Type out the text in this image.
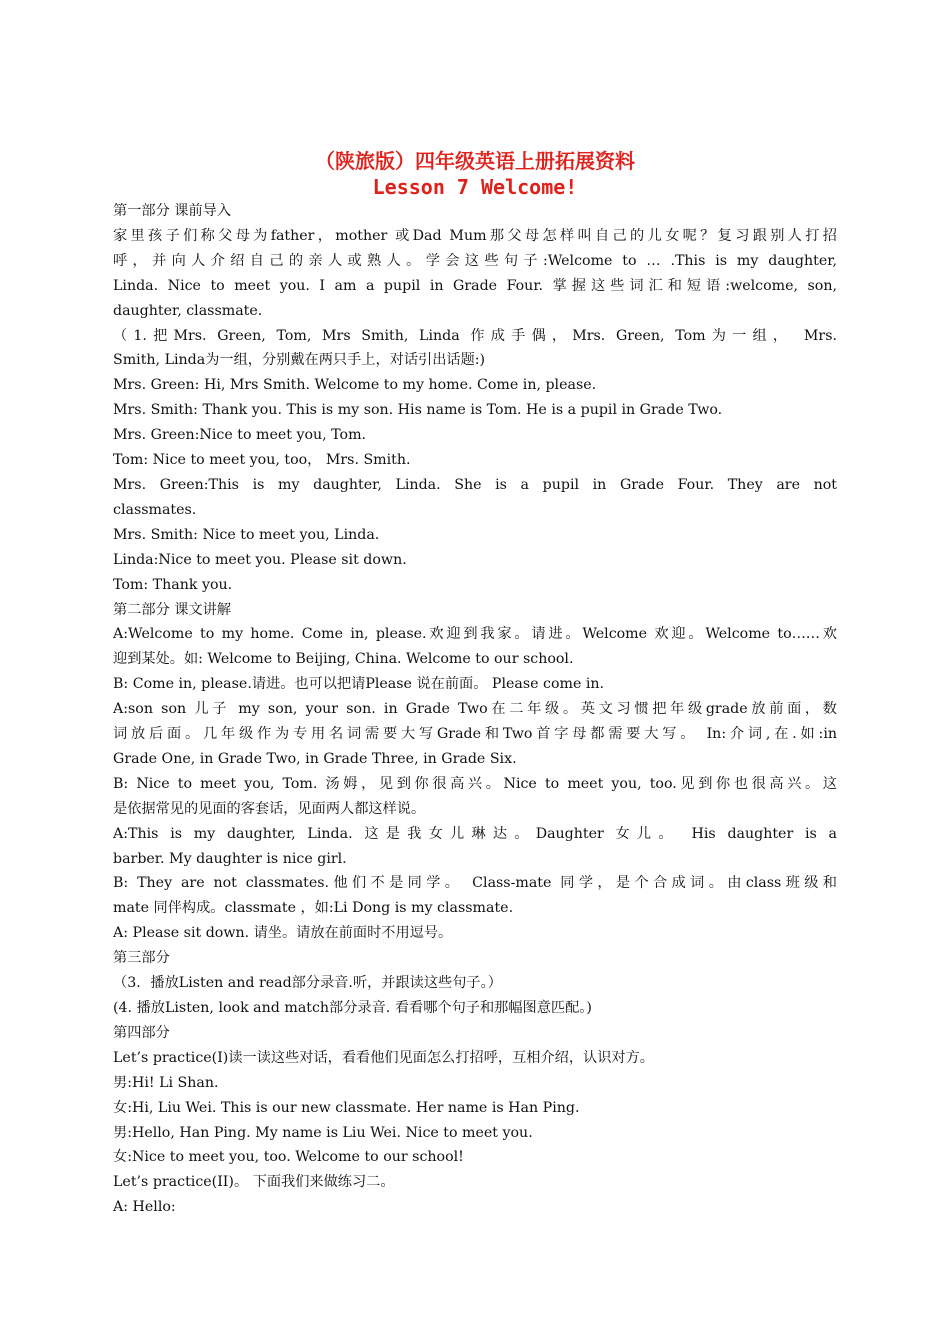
（陕旅版）四年级英语上册拓展资料
Lesson 7 Welcome!

第一部分 课前导入

家里孩子们称父母为father，mother 或Dad Mum那父母怎样叫自己的儿女呢？复习跟别人打招

呼，并向人介绍自己的亲人或熟人。学会这些句子:Welcome to … .This is my daughter,

Linda. Nice to meet you. I am a pupil in Grade Four. 掌握这些词汇和短语:welcome, son,

daughter, classmate.

（1.把Mrs. Green, Tom, Mrs Smith, Linda 作成手偶，Mrs. Green, Tom为一组， Mrs.

Smith, Linda为一组，分别戴在两只手上，对话引出话题:)

Mrs. Green: Hi, Mrs Smith. Welcome to my home. Come in, please.

Mrs. Smith: Thank you. This is my son. His name is Tom. He is a pupil in Grade Two.

Mrs. Green:Nice to meet you, Tom.

Tom: Nice to meet you, too， Mrs. Smith.

Mrs. Green:This is my daughter, Linda. She is a pupil in Grade Four. They are not

classmates.

Mrs. Smith: Nice to meet you, Linda.

Linda:Nice to meet you. Please sit down.

Tom: Thank you.

第二部分 课文讲解

A:Welcome to my home. Come in, please.欢迎到我家。请进。Welcome 欢迎。Welcome to……欢

迎到某处。如: Welcome to Beijing, China. Welcome to our school.

B: Come in, please.请进。也可以把请Please 说在前面。 Please come in.

A:son son 儿子 my son, your son. in Grade Two在二年级。英文习惯把年级grade放前面，数

词放后面。几年级作为专用名词需要大写Grade和Two首字母都需要大写。 In:介词,在.如:in

Grade One, in Grade Two, in Grade Three, in Grade Six.

B: Nice to meet you, Tom. 汤姆，见到你很高兴。Nice to meet you, too.见到你也很高兴。这

是依据常见的见面的客套话，见面两人都这样说。

A:This is my daughter, Linda. 这是我女儿琳达。Daughter 女儿。 His daughter is a

barber. My daughter is nice girl.

B: They are not classmates.他们不是同学。 Class-mate 同学，是个合成词。由class班级和

mate 同伴构成。classmate ，如:Li Dong is my classmate.

A: Please sit down. 请坐。请放在前面时不用逗号。

第三部分

（3．播放Listen and read部分录音.听，并跟读这些句子。）

(4. 播放Listen, look and match部分录音. 看看哪个句子和那幅图意匹配。)

第四部分

Let’s practice(I)读一读这些对话，看看他们见面怎么打招呼，互相介绍，认识对方。

男:Hi! Li Shan.

女:Hi, Liu Wei. This is our new classmate. Her name is Han Ping.

男:Hello, Han Ping. My name is Liu Wei. Nice to meet you.

女:Nice to meet you, too. Welcome to our school!

Let’s practice(II)。 下面我们来做练习二。

A: Hello:
